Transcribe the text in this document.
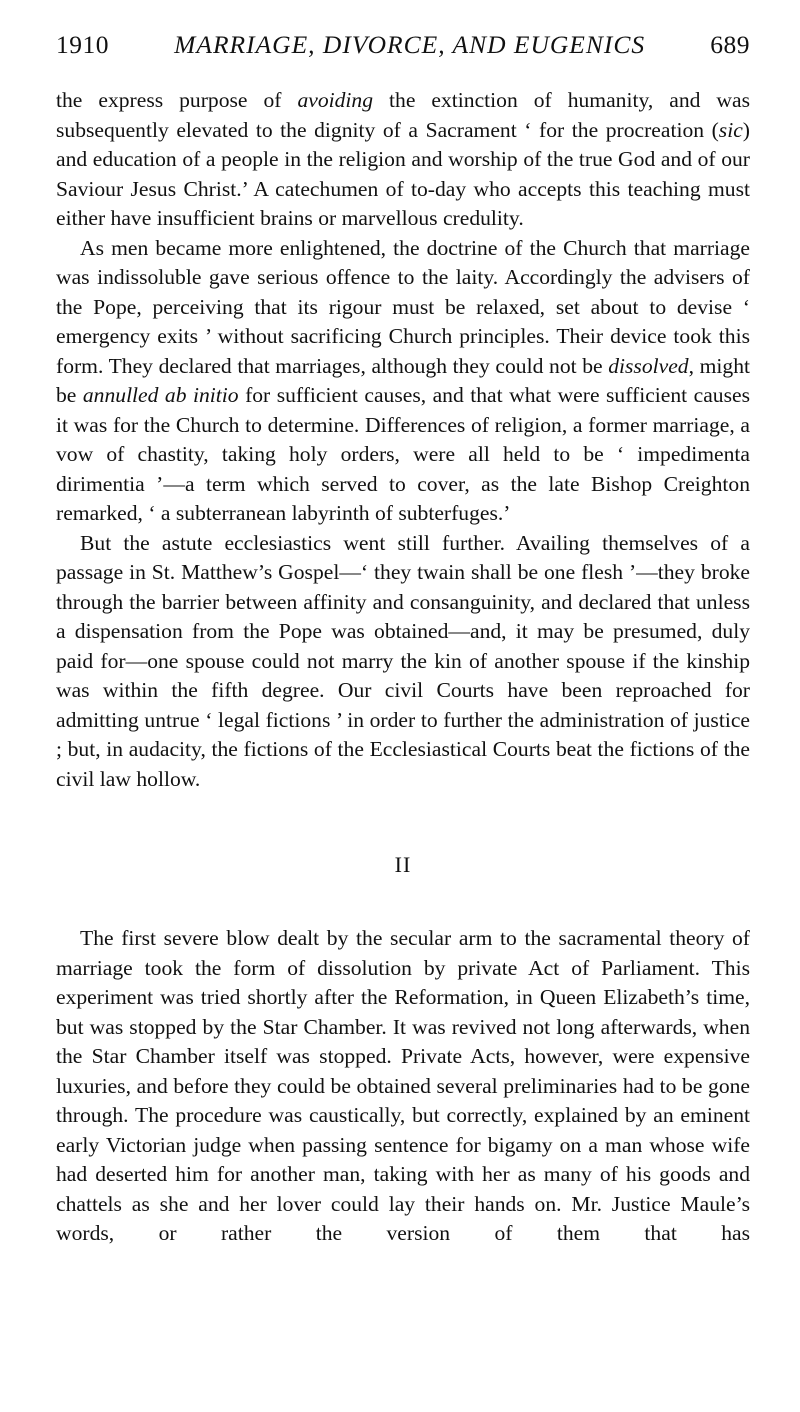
1910	MARRIAGE, DIVORCE, AND EUGENICS	689

the express purpose of avoiding the extinction of humanity, and was subsequently elevated to the dignity of a Sacrament ‘ for the procreation (sic) and education of a people in the religion and worship of the true God and of our Saviour Jesus Christ.’ A catechumen of to-day who accepts this teaching must either have insufficient brains or marvellous credulity.

As men became more enlightened, the doctrine of the Church that marriage was indissoluble gave serious offence to the laity. Accordingly the advisers of the Pope, perceiving that its rigour must be relaxed, set about to devise ‘ emergency exits ’ without sacrificing Church principles. Their device took this form. They declared that marriages, although they could not be dissolved, might be annulled ab initio for sufficient causes, and that what were sufficient causes it was for the Church to determine. Differences of religion, a former marriage, a vow of chastity, taking holy orders, were all held to be ‘ impedimenta dirimentia ’—a term which served to cover, as the late Bishop Creighton remarked, ‘ a subterranean labyrinth of subterfuges.’

But the astute ecclesiastics went still further. Availing themselves of a passage in St. Matthew’s Gospel—‘ they twain shall be one flesh ’—they broke through the barrier between affinity and consanguinity, and declared that unless a dispensation from the Pope was obtained—and, it may be presumed, duly paid for—one spouse could not marry the kin of another spouse if the kinship was within the fifth degree. Our civil Courts have been reproached for admitting untrue ‘ legal fictions ’ in order to further the administration of justice ; but, in audacity, the fictions of the Ecclesiastical Courts beat the fictions of the civil law hollow.

II

The first severe blow dealt by the secular arm to the sacramental theory of marriage took the form of dissolution by private Act of Parliament. This experiment was tried shortly after the Reformation, in Queen Elizabeth’s time, but was stopped by the Star Chamber. It was revived not long afterwards, when the Star Chamber itself was stopped. Private Acts, however, were expensive luxuries, and before they could be obtained several preliminaries had to be gone through. The procedure was caustically, but correctly, explained by an eminent early Victorian judge when passing sentence for bigamy on a man whose wife had deserted him for another man, taking with her as many of his goods and chattels as she and her lover could lay their hands on. Mr. Justice Maule’s words, or rather the version of them that has
